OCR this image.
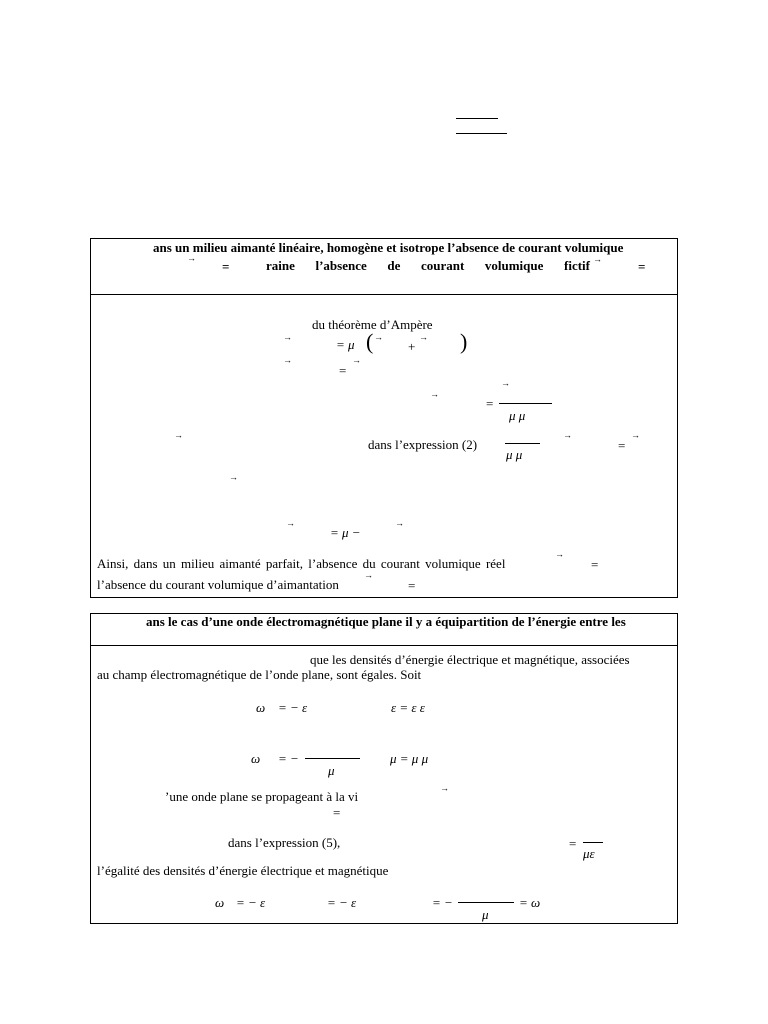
ans un milieu aimanté linéaire, homogène et isotrope l’absence de courant volumique
→
=	raine l’absence de courant volumique fictif →	=
du théorème d’Ampère
→	= μ ( →
+
→ )
→
=
→
→
→
=
μ μ
→
dans l’expression (2)
μ μ
→
=
→
→
→
= μ −
→
Ainsi, dans un milieu aimanté parfait, l’absence du courant volumique réel
→
=
l’absence du courant volumique d’aimantation
→
=
ans le cas d’une onde électromagnétique plane il y a équipartition de l’énergie entre les
que les densités d’énergie électrique et magnétique, associées
au champ électromagnétique de l’onde plane, sont égales. Soit
ω = − ε	ε = ε ε
ω = −
μ
μ = μ μ
’une onde plane se propageant à la vi
→
=
dans l’expression (5),	=
με
l’égalité des densités d’énergie électrique et magnétique
ω = − ε	= − ε	= −
μ
= ω
